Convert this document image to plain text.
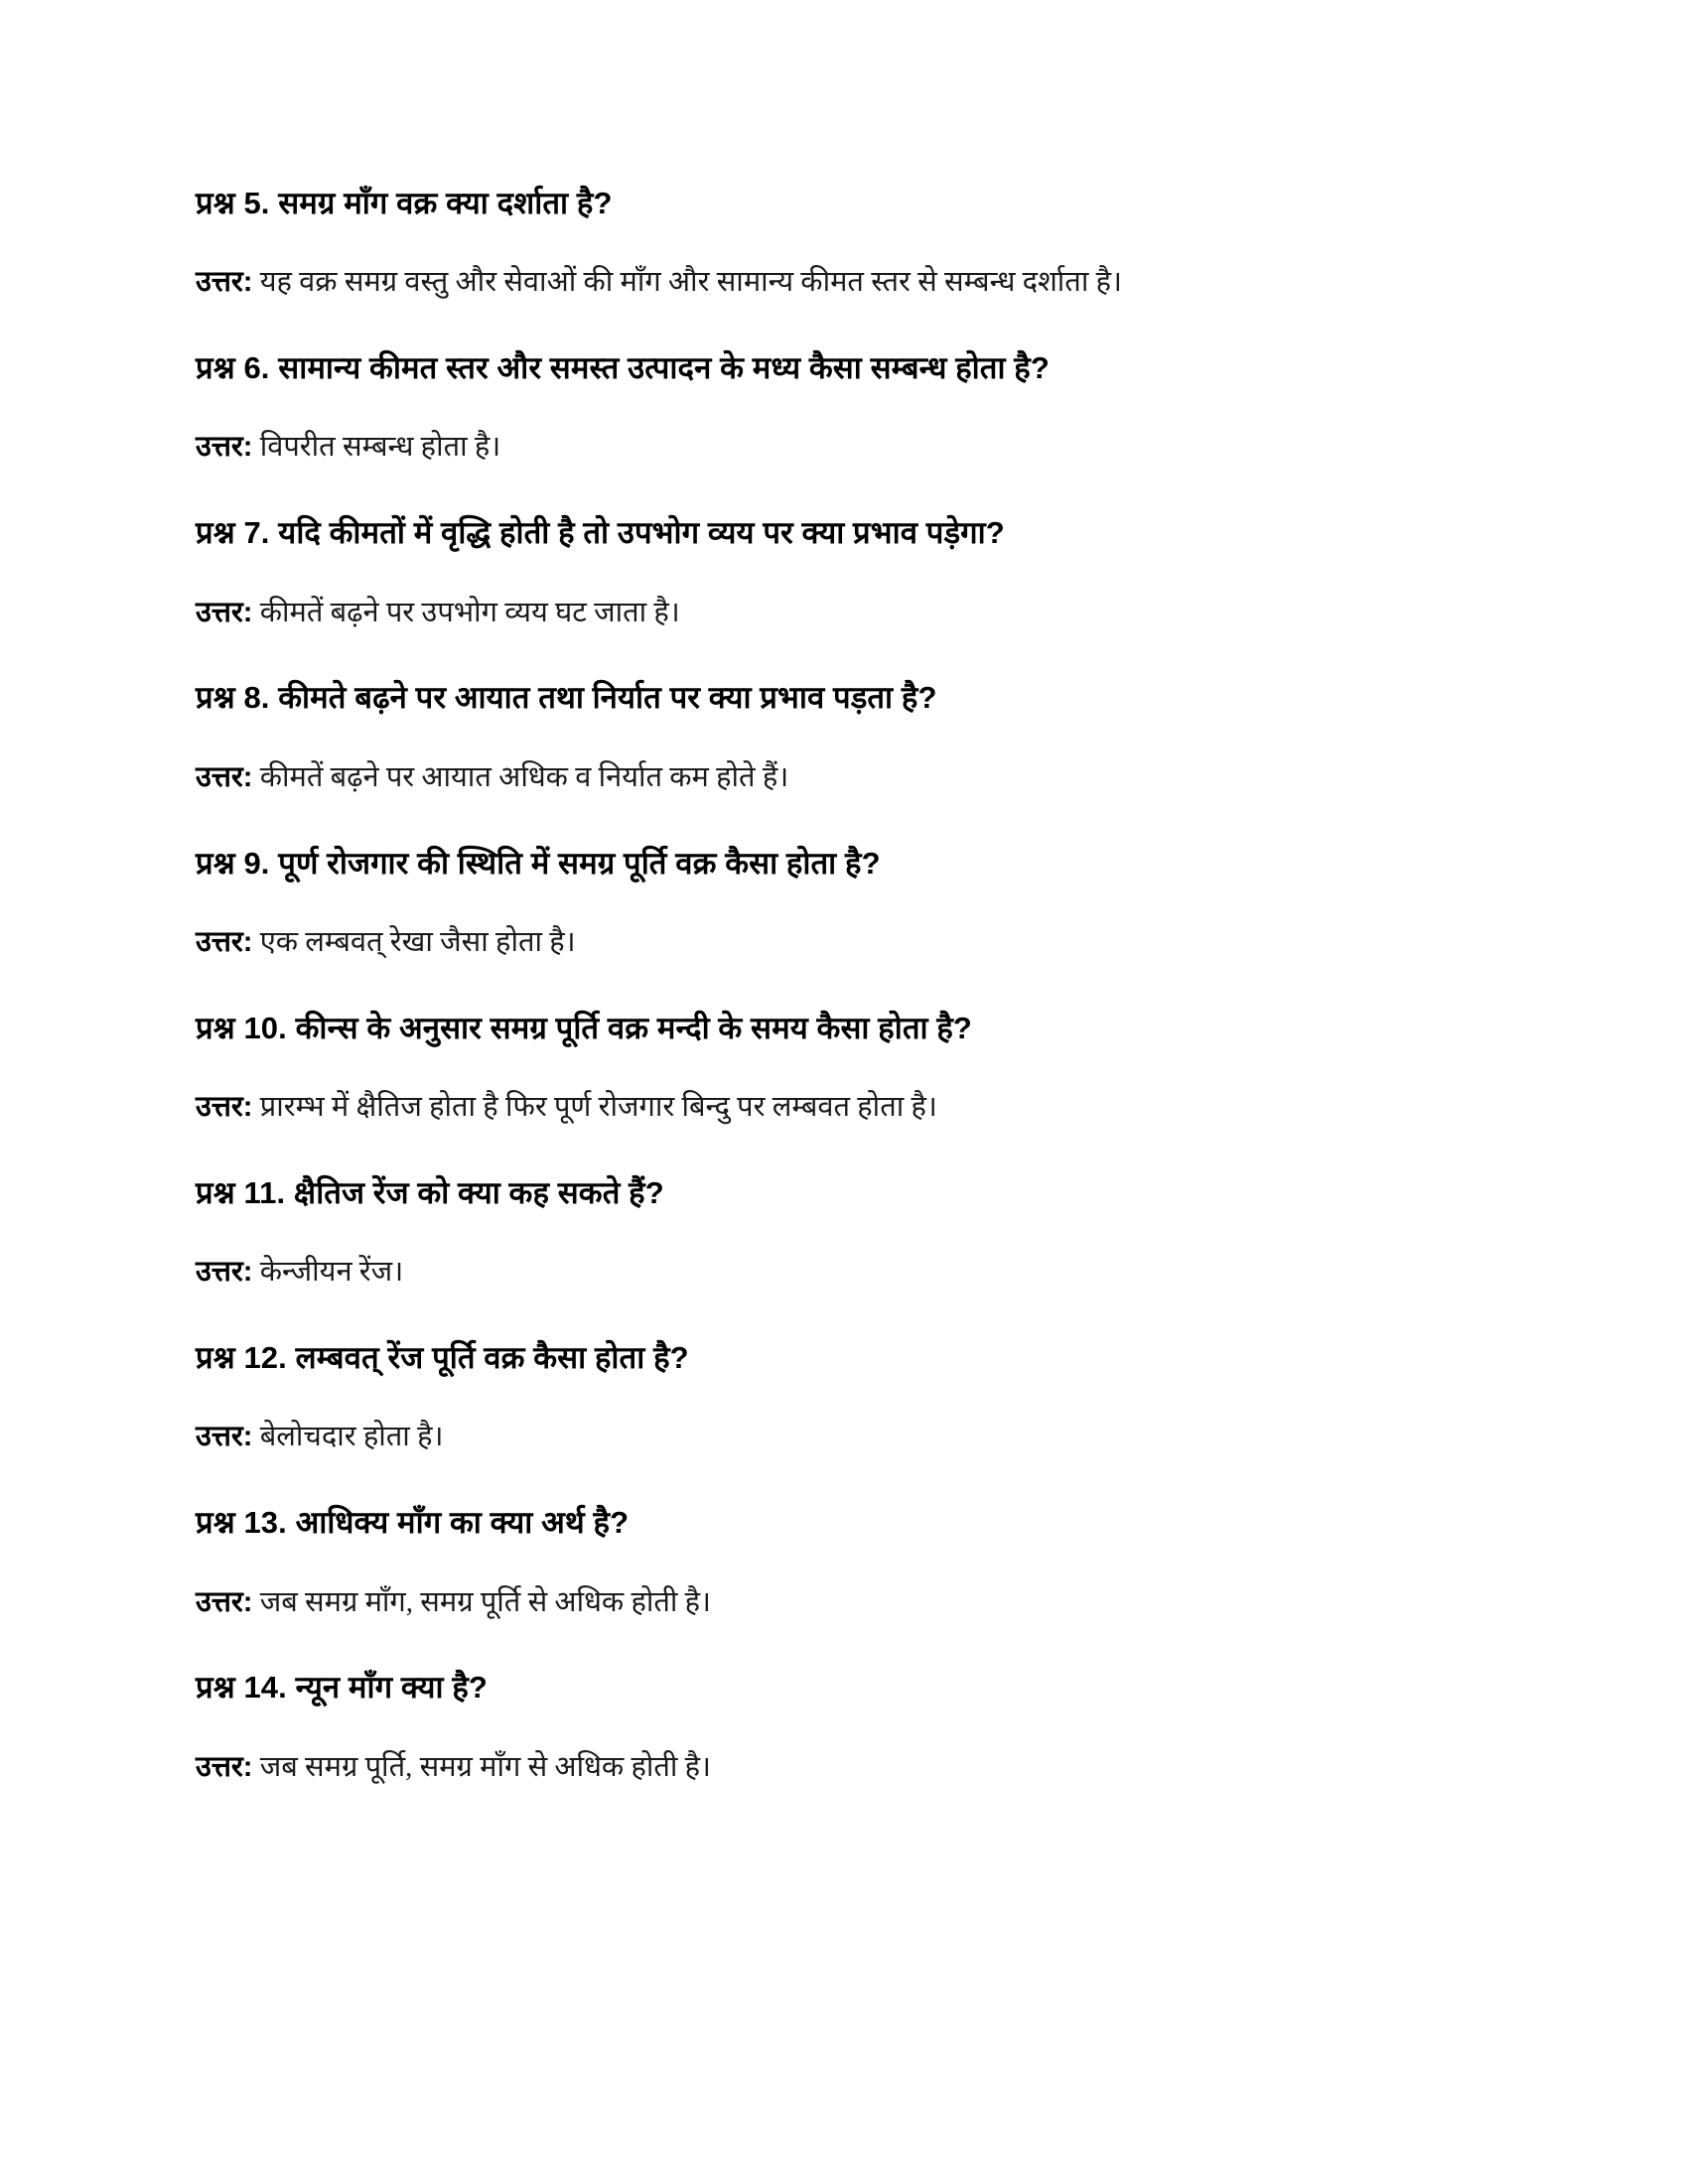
प्रश्न 5. समग्र माँग वक्र क्या दर्शाता है?

उत्तर: यह वक्र समग्र वस्तु और सेवाओं की माँग और सामान्य कीमत स्तर से सम्बन्ध दर्शाता है।

प्रश्न 6. सामान्य कीमत स्तर और समस्त उत्पादन के मध्य कैसा सम्बन्ध होता है?

उत्तर: विपरीत सम्बन्ध होता है।

प्रश्न 7. यदि कीमतों में वृद्धि होती है तो उपभोग व्यय पर क्या प्रभाव पड़ेगा?

उत्तर: कीमतें बढ़ने पर उपभोग व्यय घट जाता है।

प्रश्न 8. कीमते बढ़ने पर आयात तथा निर्यात पर क्या प्रभाव पड़ता है?

उत्तर: कीमतें बढ़ने पर आयात अधिक व निर्यात कम होते हैं।

प्रश्न 9. पूर्ण रोजगार की स्थिति में समग्र पूर्ति वक्र कैसा होता है?

उत्तर: एक लम्बवत् रेखा जैसा होता है।

प्रश्न 10. कीन्स के अनुसार समग्र पूर्ति वक्र मन्दी के समय कैसा होता है?

उत्तर: प्रारम्भ में क्षैतिज होता है फिर पूर्ण रोजगार बिन्दु पर लम्बवत होता है।

प्रश्न 11. क्षैतिज रेंज को क्या कह सकते हैं?

उत्तर: केन्जीयन रेंज।

प्रश्न 12. लम्बवत् रेंज पूर्ति वक्र कैसा होता है?

उत्तर: बेलोचदार होता है।

प्रश्न 13. आधिक्य माँग का क्या अर्थ है?

उत्तर: जब समग्र माँग, समग्र पूर्ति से अधिक होती है।

प्रश्न 14. न्यून माँग क्या है?

उत्तर: जब समग्र पूर्ति, समग्र माँग से अधिक होती है।
